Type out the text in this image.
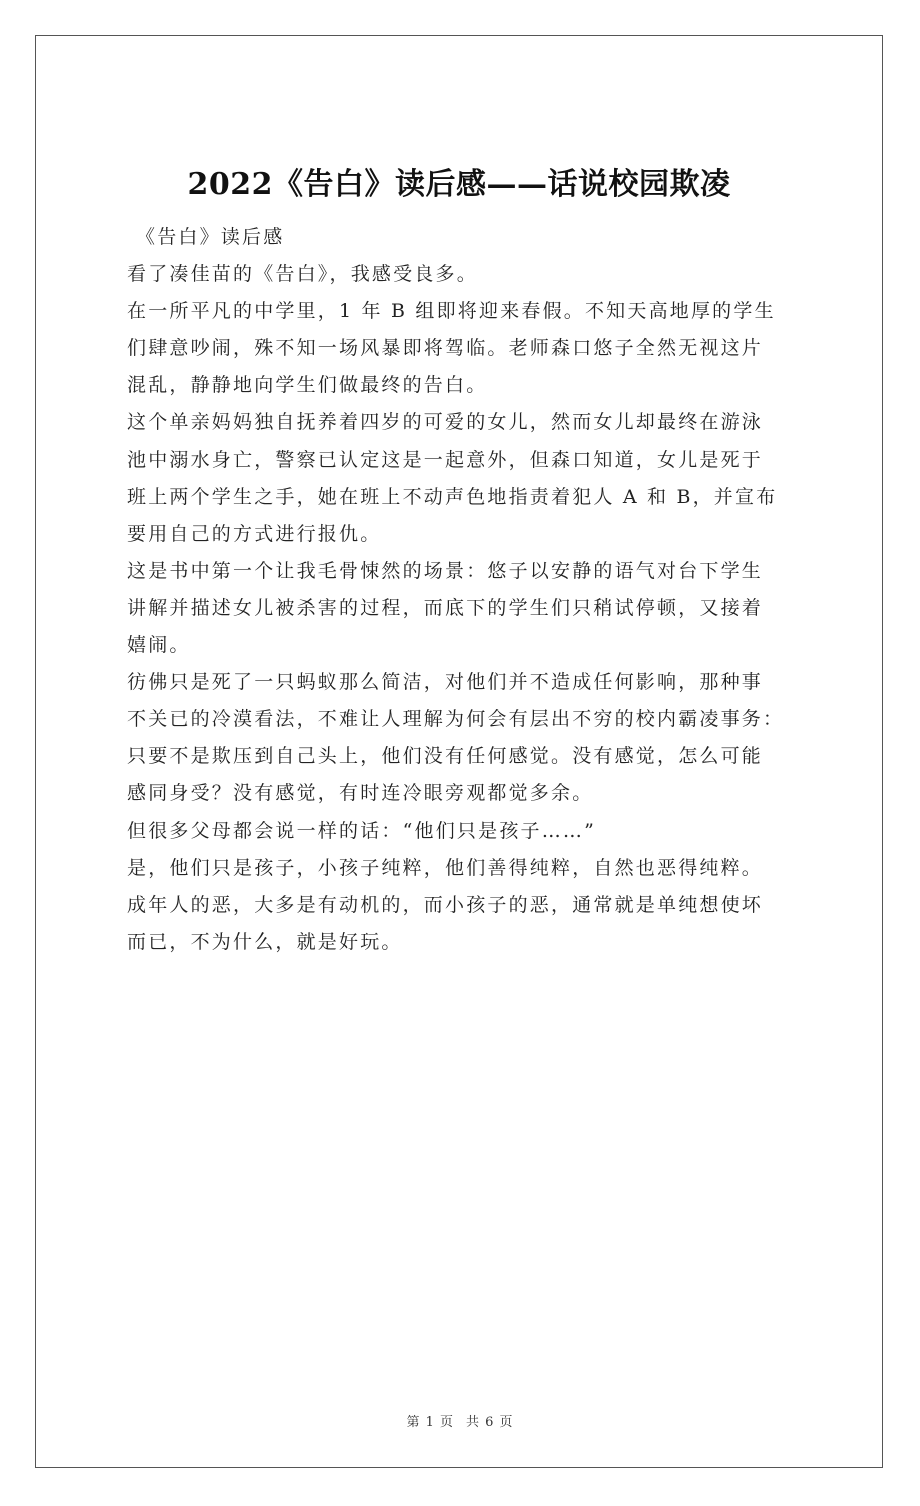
2022《告白》读后感——话说校园欺凌
《告白》读后感
看了凑佳苗的《告白》，我感受良多。
在一所平凡的中学里，1 年 B 组即将迎来春假。不知天高地厚的学生
们肆意吵闹，殊不知一场风暴即将驾临。老师森口悠子全然无视这片
混乱，静静地向学生们做最终的告白。
这个单亲妈妈独自抚养着四岁的可爱的女儿，然而女儿却最终在游泳
池中溺水身亡，警察已认定这是一起意外，但森口知道，女儿是死于
班上两个学生之手，她在班上不动声色地指责着犯人 A 和 B，并宣布
要用自己的方式进行报仇。
这是书中第一个让我毛骨悚然的场景：悠子以安静的语气对台下学生
讲解并描述女儿被杀害的过程，而底下的学生们只稍试停顿，又接着
嬉闹。
彷佛只是死了一只蚂蚁那么简洁，对他们并不造成任何影响，那种事
不关已的冷漠看法，不难让人理解为何会有层出不穷的校内霸凌事务：
只要不是欺压到自己头上，他们没有任何感觉。没有感觉，怎么可能
感同身受？没有感觉，有时连冷眼旁观都觉多余。
但很多父母都会说一样的话：“他们只是孩子……”
是，他们只是孩子，小孩子纯粹，他们善得纯粹，自然也恶得纯粹。
成年人的恶，大多是有动机的，而小孩子的恶，通常就是单纯想使坏
而已，不为什么，就是好玩。
第 1 页 共 6 页
